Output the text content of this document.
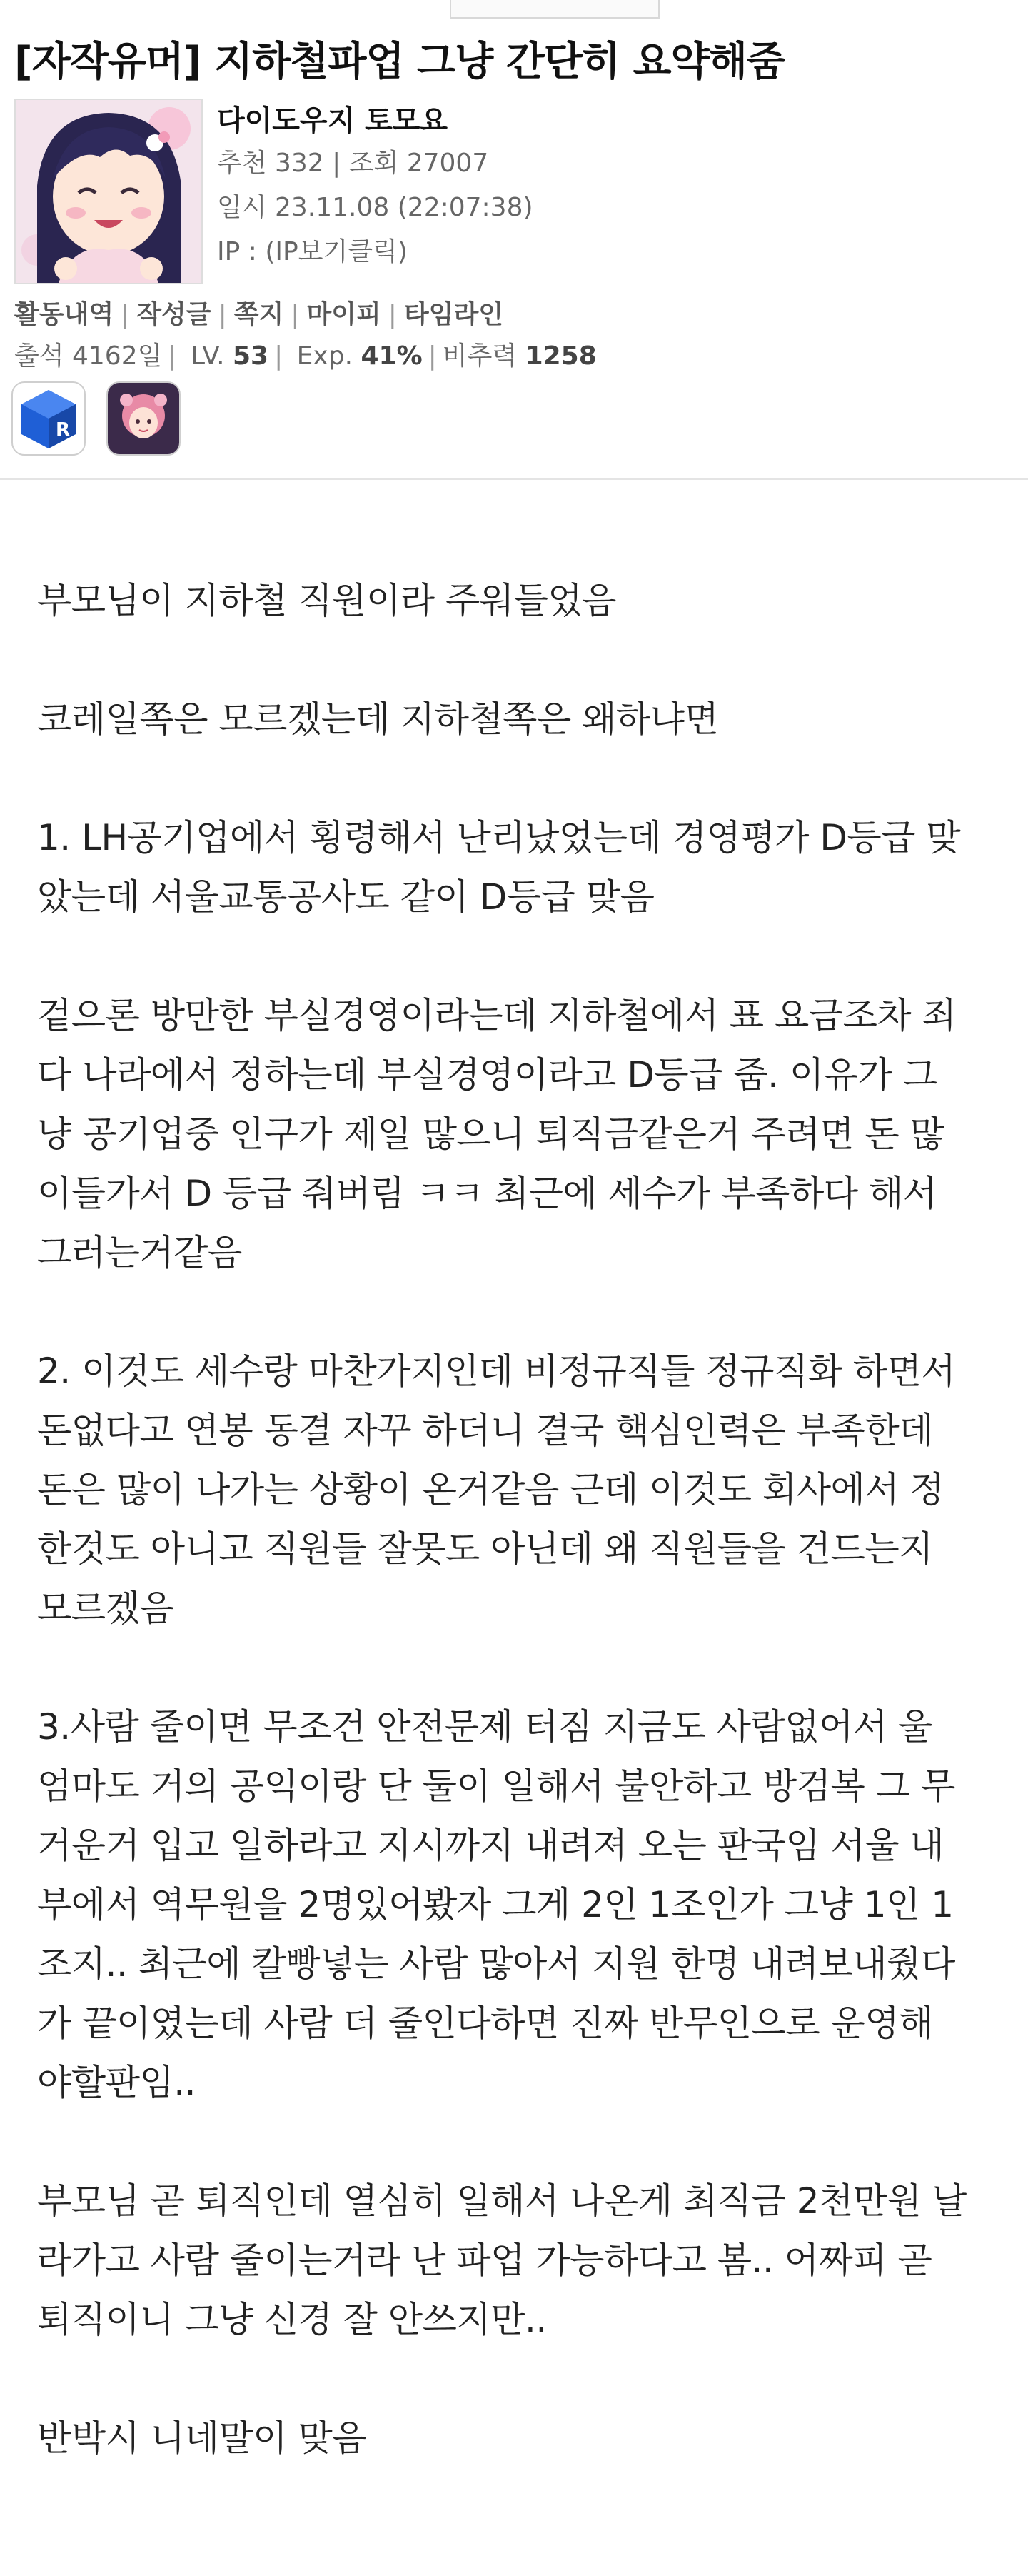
[자작유머] 지하철파업 그냥 간단히 요약해줌
다이도우지 토모요
추천 332 | 조회 27007
일시 23.11.08 (22:07:38)
IP : (IP보기클릭)
활동내역 | 작성글 | 쪽지 | 마이피 | 타임라인
출석 4162일 | LV. 53 | Exp. 41% | 비추력 1258
R

부모님이 지하철 직원이라 주워들었음

코레일쪽은 모르겠는데 지하철쪽은 왜하냐면

1. LH공기업에서 횡령해서 난리났었는데 경영평가 D등급 맞
았는데 서울교통공사도 같이 D등급 맞음

겉으론 방만한 부실경영이라는데 지하철에서 표 요금조차 죄
다 나라에서 정하는데 부실경영이라고 D등급 줌. 이유가 그
냥 공기업중 인구가 제일 많으니 퇴직금같은거 주려면 돈 많
이들가서 D 등급 줘버림 ㅋㅋ 최근에 세수가 부족하다 해서
그러는거같음

2. 이것도 세수랑 마찬가지인데 비정규직들 정규직화 하면서
돈없다고 연봉 동결 자꾸 하더니 결국 핵심인력은 부족한데
돈은 많이 나가는 상황이 온거같음 근데 이것도 회사에서 정
한것도 아니고 직원들 잘못도 아닌데 왜 직원들을 건드는지
모르겠음

3.사람 줄이면 무조건 안전문제 터짐 지금도 사람없어서 울
엄마도 거의 공익이랑 단 둘이 일해서 불안하고 방검복 그 무
거운거 입고 일하라고 지시까지 내려져 오는 판국임 서울 내
부에서 역무원을 2명있어봤자 그게 2인 1조인가 그냥 1인 1
조지.. 최근에 칼빵넣는 사람 많아서 지원 한명 내려보내줬다
가 끝이였는데 사람 더 줄인다하면 진짜 반무인으로 운영해
야할판임..

부모님 곧 퇴직인데 열심히 일해서 나온게 최직금 2천만원 날
라가고 사람 줄이는거라 난 파업 가능하다고 봄.. 어짜피 곧
퇴직이니 그냥 신경 잘 안쓰지만..

반박시 니네말이 맞음
